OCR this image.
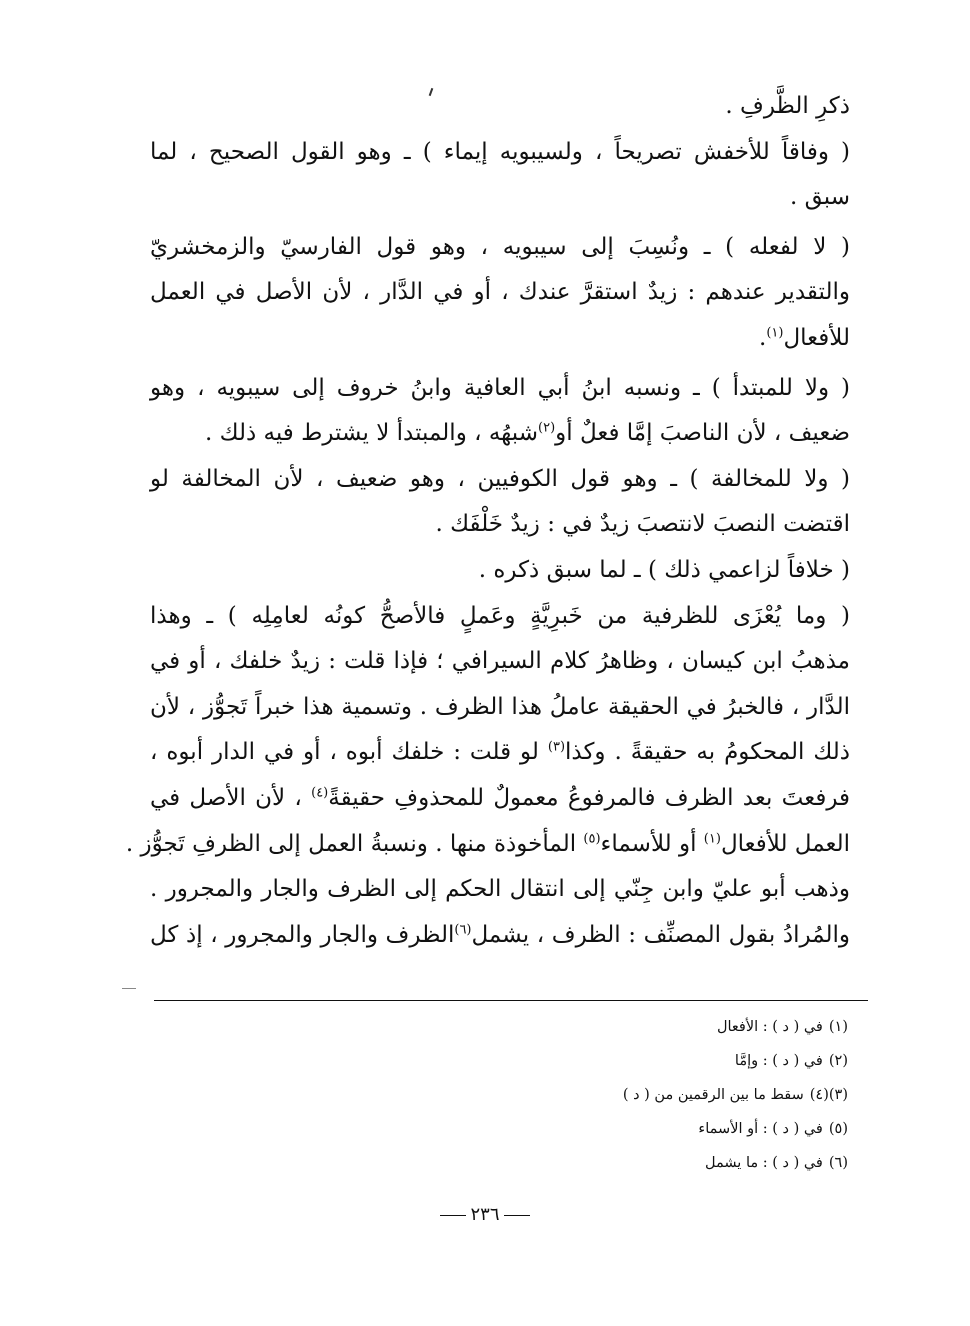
ذكرِ الظَّرفِ .
( وفاقاً للأخفش تصريحاً ، ولسيبويه إيماء ) ـ وهو القول الصحيح ، لما
سبق .
( لا لفعله ) ـ ونُسِبَ إلى سيبويه ، وهو قول الفارسيّ والزمخشريّ
والتقدير عندهم : زيدٌ استقرَّ عندك ، أو في الدَّار ، لأن الأصل في العمل
للأفعال$^{(١)}$.
( ولا للمبتدأ ) ـ ونسبه ابنُ أبي العافية وابنُ خروف إلى سيبويه ، وهو
ضعيف ، لأن الناصبَ إمَّا فعلٌ أو$^{(٢)}$شبهُه ، والمبتدأ لا يشترط فيه ذلك .
( ولا للمخالفة ) ـ وهو قول الكوفيين ، وهو ضعيف ، لأن المخالفة لو
اقتضت النصبَ لانتصبَ زيدٌ في : زيدٌ خَلْفَك .
( خلافاً لزاعمي ذلك ) ـ لما سبق ذكره .
( وما يُعْزَى للظرفية من خَبرِيَّةٍ وعَملٍ فالأصحُّ كونُه لعامِلِه ) ـ وهذا
مذهبُ ابن كيسان ، وظاهرُ كلام السيرافي ؛ فإذا قلت : زيدٌ خلفك ، أو في
الدَّار ، فالخبرُ في الحقيقة عاملُ هذا الظرف . وتسمية هذا خبراً تَجوُّز ، لأن
ذلك المحكومُ به حقيقةً . وكذا$^{(٣)}$ لو قلت : خلفك أبوه ، أو في الدار أبوه ،
فرفعتَ بعد الظرف فالمرفوعُ معمولٌ للمحذوفِ حقيقةً$^{(٤)}$ ، لأن الأصل في
العمل للأفعال$^{(١)}$ أو للأسماء$^{(٥)}$ المأخوذة منها . ونسبةُ العمل إلى الظرفِ تَجوُّز .
وذهب أبو عليّ وابن جِنّي إلى انتقال الحكم إلى الظرف والجار والمجرور .
والمُرادُ بقول المصنِّف : الظرف ، يشمل$^{(٦)}$الظرف والجار والمجرور ، إذ كل
(١)في ( د ) : الأفعال
(٢)في ( د ) : وإمَّا
(٣)(٤)سقط ما بين الرقمين من ( د )
(٥)في ( د ) : أو الأسماء
(٦)في ( د ) : ما يشمل
٢٣٦
